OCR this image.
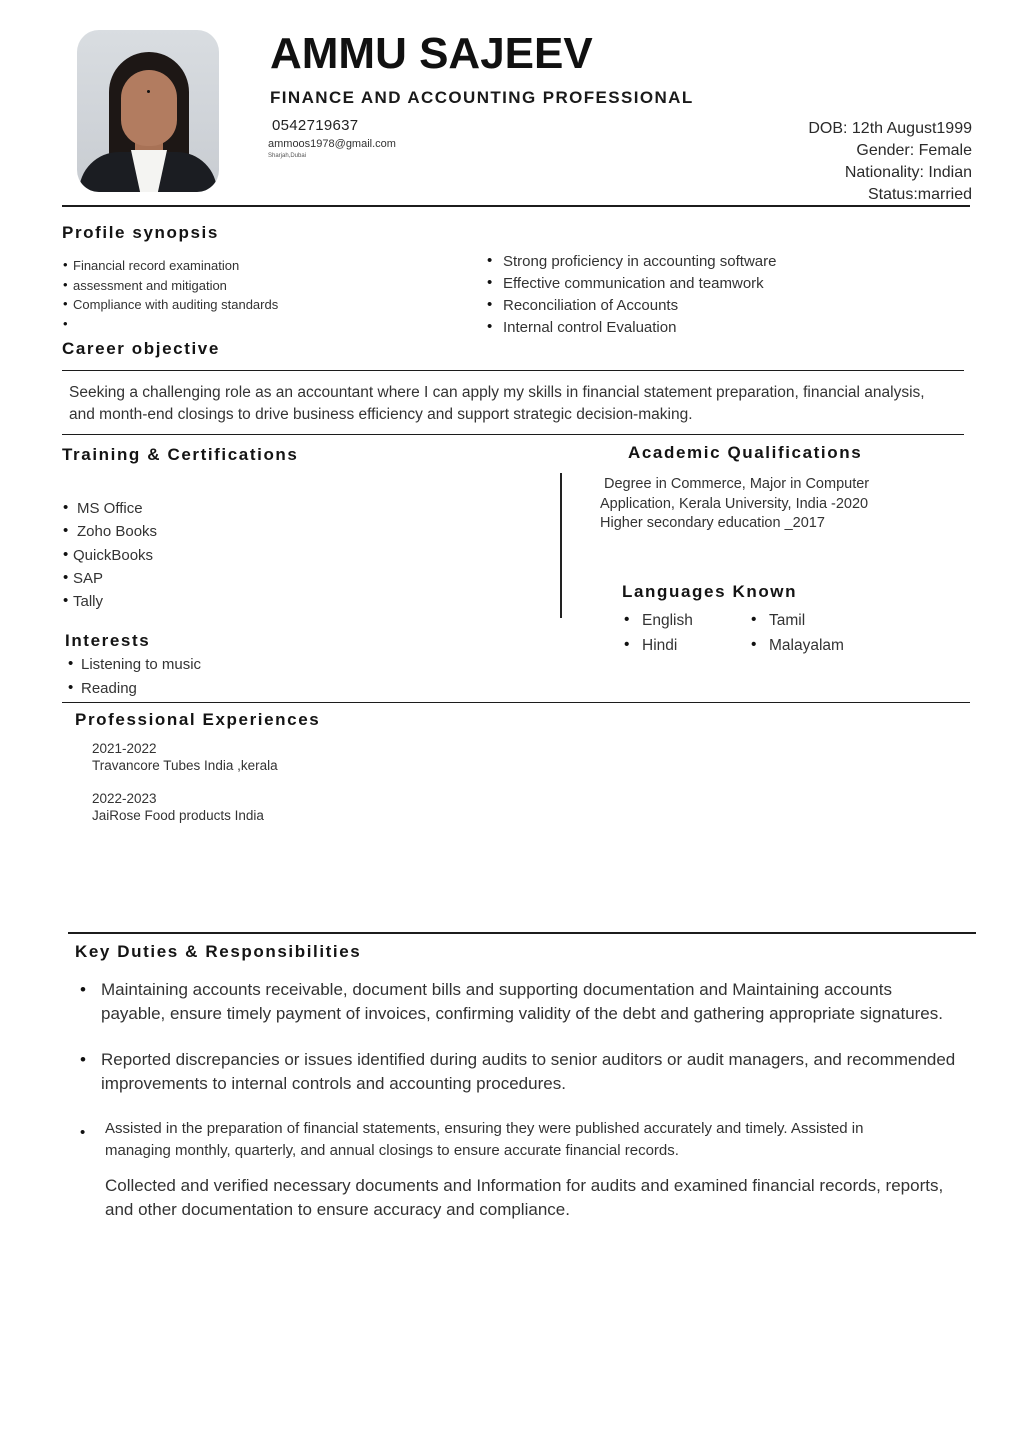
AMMU SAJEEV
FINANCE AND ACCOUNTING PROFESSIONAL
0542719637
ammoos1978@gmail.com
Sharjah,Dubai
DOB: 12th August1999
Gender: Female
Nationality: Indian
Status:married
Profile synopsis
• Financial record examination
• assessment and mitigation
• Compliance with auditing standards
•
• Strong proficiency in accounting software
• Effective communication and teamwork
• Reconciliation of Accounts
• Internal control Evaluation
Career objective
Seeking a challenging role as an accountant where I can apply my skills in financial statement preparation, financial analysis, and month-end closings to drive business efficiency and support strategic decision-making.
Training & Certifications
• MS Office
• Zoho Books
• QuickBooks
• SAP
• Tally
Academic Qualifications
Degree in Commerce, Major in Computer
Application, Kerala University, India -2020
Higher secondary education _2017
Languages Known
• English
• Hindi
• Tamil
• Malayalam
Interests
• Listening to music
• Reading
Professional Experiences
2021-2022
Travancore Tubes India ,kerala
2022-2023
JaiRose Food products India
Key Duties & Responsibilities
• Maintaining accounts receivable, document bills and supporting documentation and Maintaining accounts payable, ensure timely payment of invoices, confirming validity of the debt and gathering appropriate signatures.
• Reported discrepancies or issues identified during audits to senior auditors or audit managers, and recommended improvements to internal controls and accounting procedures.
• Assisted in the preparation of financial statements, ensuring they were published accurately and timely. Assisted in managing monthly, quarterly, and annual closings to ensure accurate financial records.
Collected and verified necessary documents and Information for audits and examined financial records, reports, and other documentation to ensure accuracy and compliance.
